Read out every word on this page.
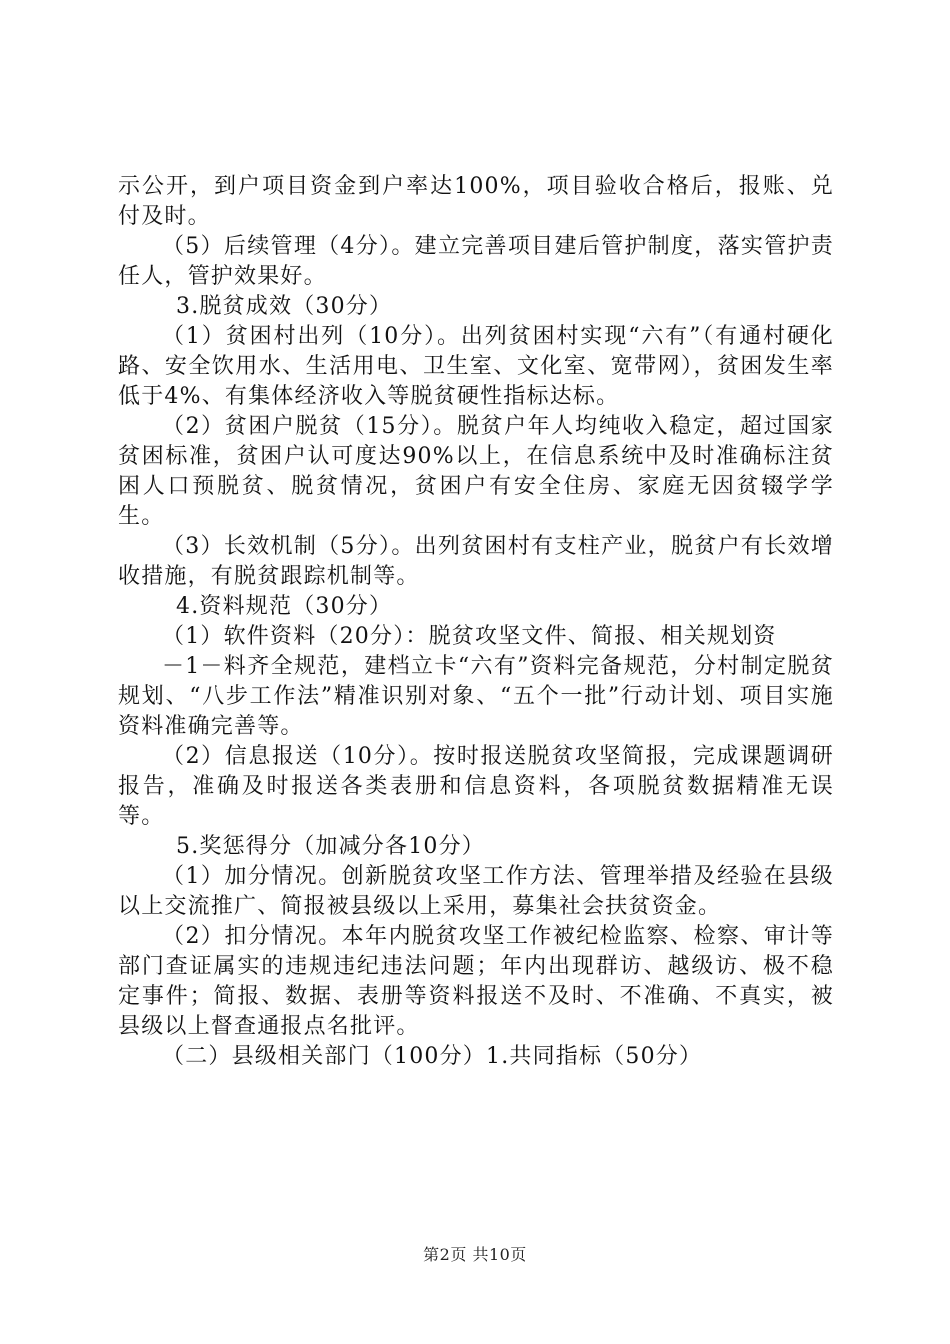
示公开，到户项目资金到户率达100%，项目验收合格后，报账、兑付及时。

（5）后续管理（4分）。建立完善项目建后管护制度，落实管护责任人，管护效果好。

3.脱贫成效（30分）

（1）贫困村出列（10分）。出列贫困村实现“六有”（有通村硬化路、安全饮用水、生活用电、卫生室、文化室、宽带网），贫困发生率低于4%、有集体经济收入等脱贫硬性指标达标。

（2）贫困户脱贫（15分）。脱贫户年人均纯收入稳定，超过国家贫困标准，贫困户认可度达90%以上，在信息系统中及时准确标注贫困人口预脱贫、脱贫情况，贫困户有安全住房、家庭无因贫辍学学生。

（3）长效机制（5分）。出列贫困村有支柱产业，脱贫户有长效增收措施，有脱贫跟踪机制等。

4.资料规范（30分）

（1）软件资料（20分）：脱贫攻坚文件、简报、相关规划资

－1－料齐全规范，建档立卡“六有”资料完备规范，分村制定脱贫规划、“八步工作法”精准识别对象、“五个一批”行动计划、项目实施资料准确完善等。

（2）信息报送（10分）。按时报送脱贫攻坚简报，完成课题调研报告，准确及时报送各类表册和信息资料，各项脱贫数据精准无误等。

5.奖惩得分（加减分各10分）

（1）加分情况。创新脱贫攻坚工作方法、管理举措及经验在县级以上交流推广、简报被县级以上采用，募集社会扶贫资金。

（2）扣分情况。本年内脱贫攻坚工作被纪检监察、检察、审计等部门查证属实的违规违纪违法问题；年内出现群访、越级访、极不稳定事件；简报、数据、表册等资料报送不及时、不准确、不真实，被县级以上督查通报点名批评。

（二）县级相关部门（100分）1.共同指标（50分）

第2页 共10页
